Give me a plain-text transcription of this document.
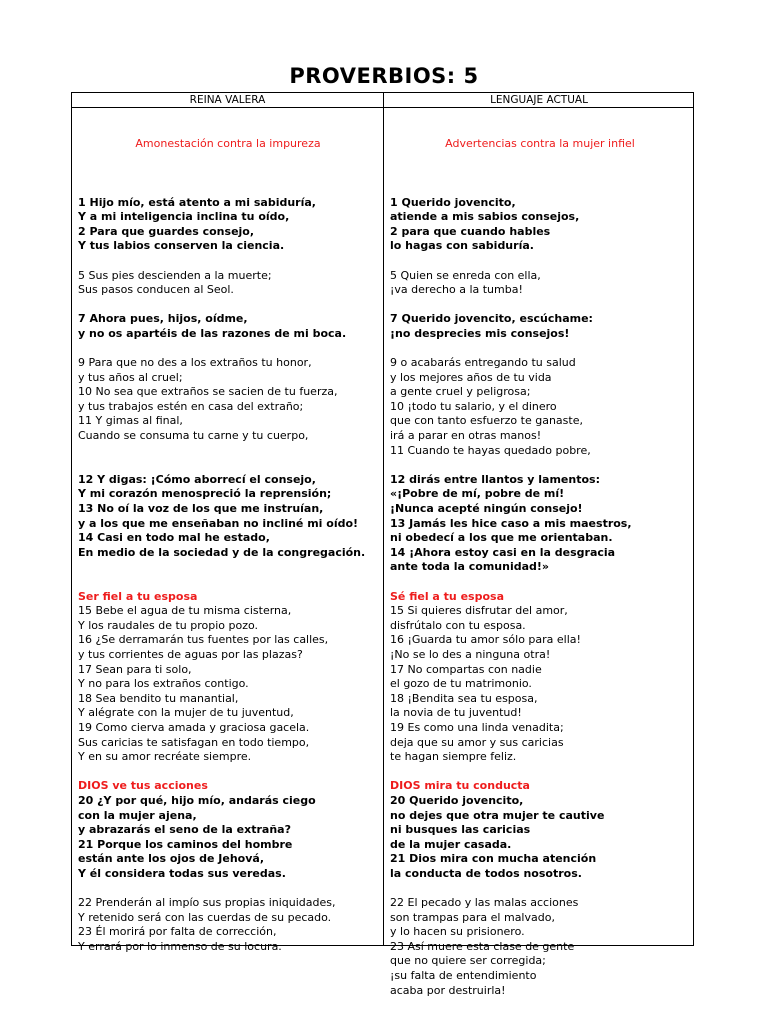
PROVERBIOS: 5
REINA VALERA	LENGUAJE ACTUAL

Amonestación contra la impureza

1 Hijo mío, está atento a mi sabiduría,
Y a mi inteligencia inclina tu oído,
2 Para que guardes consejo,
Y tus labios conserven la ciencia.
5 Sus pies descienden a la muerte;
Sus pasos conducen al Seol.
7 Ahora pues, hijos, oídme,
y no os apartéis de las razones de mi boca.
9 Para que no des a los extraños tu honor,
y tus años al cruel;
10 No sea que extraños se sacien de tu fuerza,
y tus trabajos estén en casa del extraño;
11 Y gimas al final,
Cuando se consuma tu carne y tu cuerpo,
12 Y digas: ¡Cómo aborrecí el consejo,
Y mi corazón menospreció la reprensión;
13 No oí la voz de los que me instruían,
y a los que me enseñaban no incliné mi oído!
14 Casi en todo mal he estado,
En medio de la sociedad y de la congregación.
Ser fiel a tu esposa
15 Bebe el agua de tu misma cisterna,
Y los raudales de tu propio pozo.
16 ¿Se derramarán tus fuentes por las calles,
y tus corrientes de aguas por las plazas?
17 Sean para ti solo,
Y no para los extraños contigo.
18 Sea bendito tu manantial,
Y alégrate con la mujer de tu juventud,
19 Como cierva amada y graciosa gacela.
Sus caricias te satisfagan en todo tiempo,
Y en su amor recréate siempre.
DIOS ve tus acciones
20 ¿Y por qué, hijo mío, andarás ciego
con la mujer ajena,
y abrazarás el seno de la extraña?
21 Porque los caminos del hombre
están ante los ojos de Jehová,
Y él considera todas sus veredas.
22 Prenderán al impío sus propias iniquidades,
Y retenido será con las cuerdas de su pecado.
23 Él morirá por falta de corrección,
Y errará por lo inmenso de su locura.

Advertencias contra la mujer infiel

1 Querido jovencito,
atiende a mis sabios consejos,
2 para que cuando hables
lo hagas con sabiduría.
5 Quien se enreda con ella,
¡va derecho a la tumba!
7 Querido jovencito, escúchame:
¡no desprecies mis consejos!
9 o acabarás entregando tu salud
y los mejores años de tu vida
a gente cruel y peligrosa;
10 ¡todo tu salario, y el dinero
que con tanto esfuerzo te ganaste,
irá a parar en otras manos!
11 Cuando te hayas quedado pobre,
12 dirás entre llantos y lamentos:
«¡Pobre de mí, pobre de mí!
¡Nunca acepté ningún consejo!
13 Jamás les hice caso a mis maestros,
ni obedecí a los que me orientaban.
14 ¡Ahora estoy casi en la desgracia
ante toda la comunidad!»
Sé fiel a tu esposa
15 Si quieres disfrutar del amor,
disfrútalo con tu esposa.
16 ¡Guarda tu amor sólo para ella!
¡No se lo des a ninguna otra!
17 No compartas con nadie
el gozo de tu matrimonio.
18 ¡Bendita sea tu esposa,
la novia de tu juventud!
19 Es como una linda venadita;
deja que su amor y sus caricias
te hagan siempre feliz.
DIOS mira tu conducta
20 Querido jovencito,
no dejes que otra mujer te cautive
ni busques las caricias
de la mujer casada.
21 Dios mira con mucha atención
la conducta de todos nosotros.
22 El pecado y las malas acciones
son trampas para el malvado,
y lo hacen su prisionero.
23 Así muere esta clase de gente
que no quiere ser corregida;
¡su falta de entendimiento
acaba por destruirla!
